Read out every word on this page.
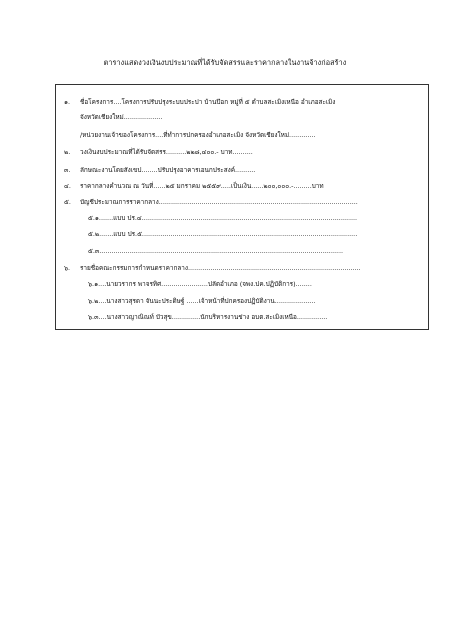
ตารางแสดงวงเงินงบประมาณที่ได้รับจัดสรรและราคากลางในงานจ้างก่อสร้าง
๑. ชื่อโครงการ....โครงการปรับปรุงระบบประปา บ้านป๊อก หมู่ที่ ๕ ตำบลสะเมิงเหนือ อำเภอสะเมิง
จังหวัดเชียงใหม่...................
/หน่วยงานเจ้าของโครงการ....ที่ทำการปกครองอำเภอสะเมิง จังหวัดเชียงใหม่.............
๒. วงเงินงบประมาณที่ได้รับจัดสรร..........๒๒๘,๔๐๐.- บาท..........
๓. ลักษณะงานโดยสังเขป........ปรับปรุงอาคารเอนกประสงค์..........
๔. ราคากลางคำนวณ ณ วันที่......๒๕ มกราคม ๒๕๕๙.....เป็นเงิน......๒๐๐,๐๐๐.-.........บาท
๕. บัญชีประมาณการราคากลาง..................................................................................................
๕.๑.......แบบ ปร.๔..........................................................................................................
๕.๒.......แบบ ปร.๕..........................................................................................................
๕.๓........................................................................................................................
๖. รายชื่อคณะกรรมการกำหนดราคากลาง.....................................................................................
๖.๑....นายวรากร พาจรทิศ.......................ปลัดอำเภอ (จพง.ปค.ปฏิบัติการ)........
๖.๒....นางสาวสุรดา จันนะประดิษฐ์ ......เจ้าหน้าที่ปกครองปฏิบัติงาน....................
๖.๓....นางสาวญาณิณท์ บัวสุข..............นักบริหารงานช่าง อบต.สะเมิงเหนือ...............
